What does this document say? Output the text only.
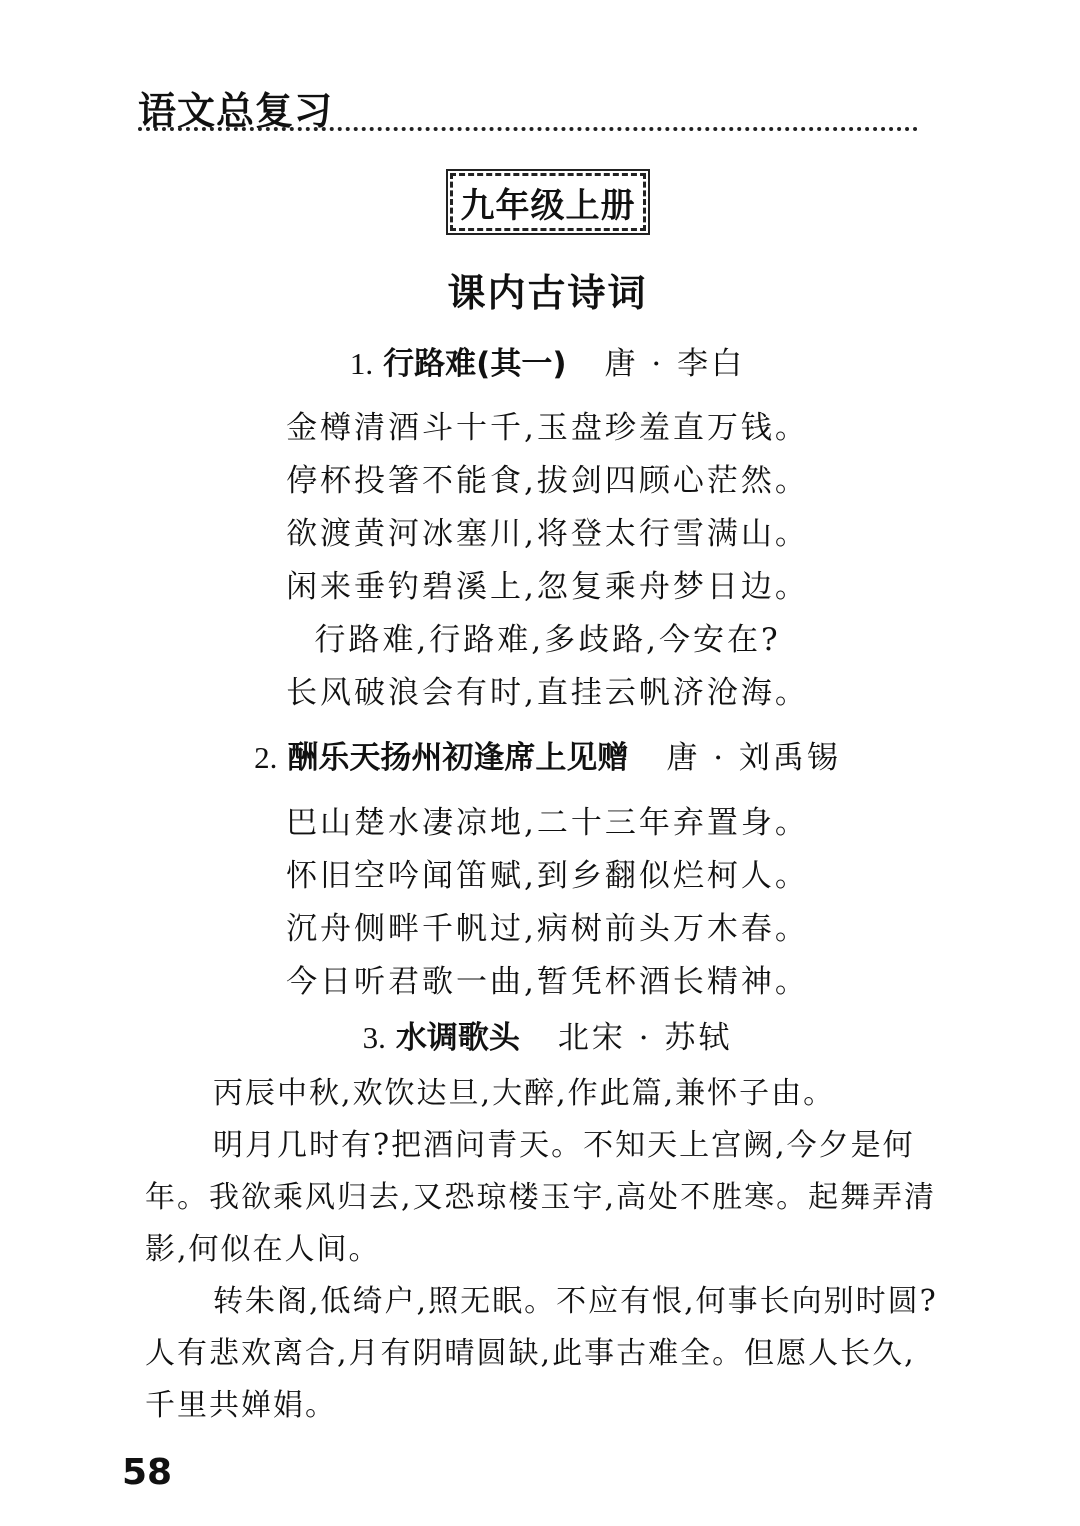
语文总复习
九年级上册
课内古诗词
1. 行路难(其一) 唐 · 李白
金樽清酒斗十千,玉盘珍羞直万钱。
停杯投箸不能食,拔剑四顾心茫然。
欲渡黄河冰塞川,将登太行雪满山。
闲来垂钓碧溪上,忽复乘舟梦日边。
行路难,行路难,多歧路,今安在?
长风破浪会有时,直挂云帆济沧海。
2. 酬乐天扬州初逢席上见赠 唐 · 刘禹锡
巴山楚水凄凉地,二十三年弃置身。
怀旧空吟闻笛赋,到乡翻似烂柯人。
沉舟侧畔千帆过,病树前头万木春。
今日听君歌一曲,暂凭杯酒长精神。
3. 水调歌头 北宋 · 苏轼
丙辰中秋,欢饮达旦,大醉,作此篇,兼怀子由。
明月几时有?把酒问青天。不知天上宫阙,今夕是何年。我欲乘风归去,又恐琼楼玉宇,高处不胜寒。起舞弄清影,何似在人间。
转朱阁,低绮户,照无眠。不应有恨,何事长向别时圆?人有悲欢离合,月有阴晴圆缺,此事古难全。但愿人长久,千里共婵娟。
58
